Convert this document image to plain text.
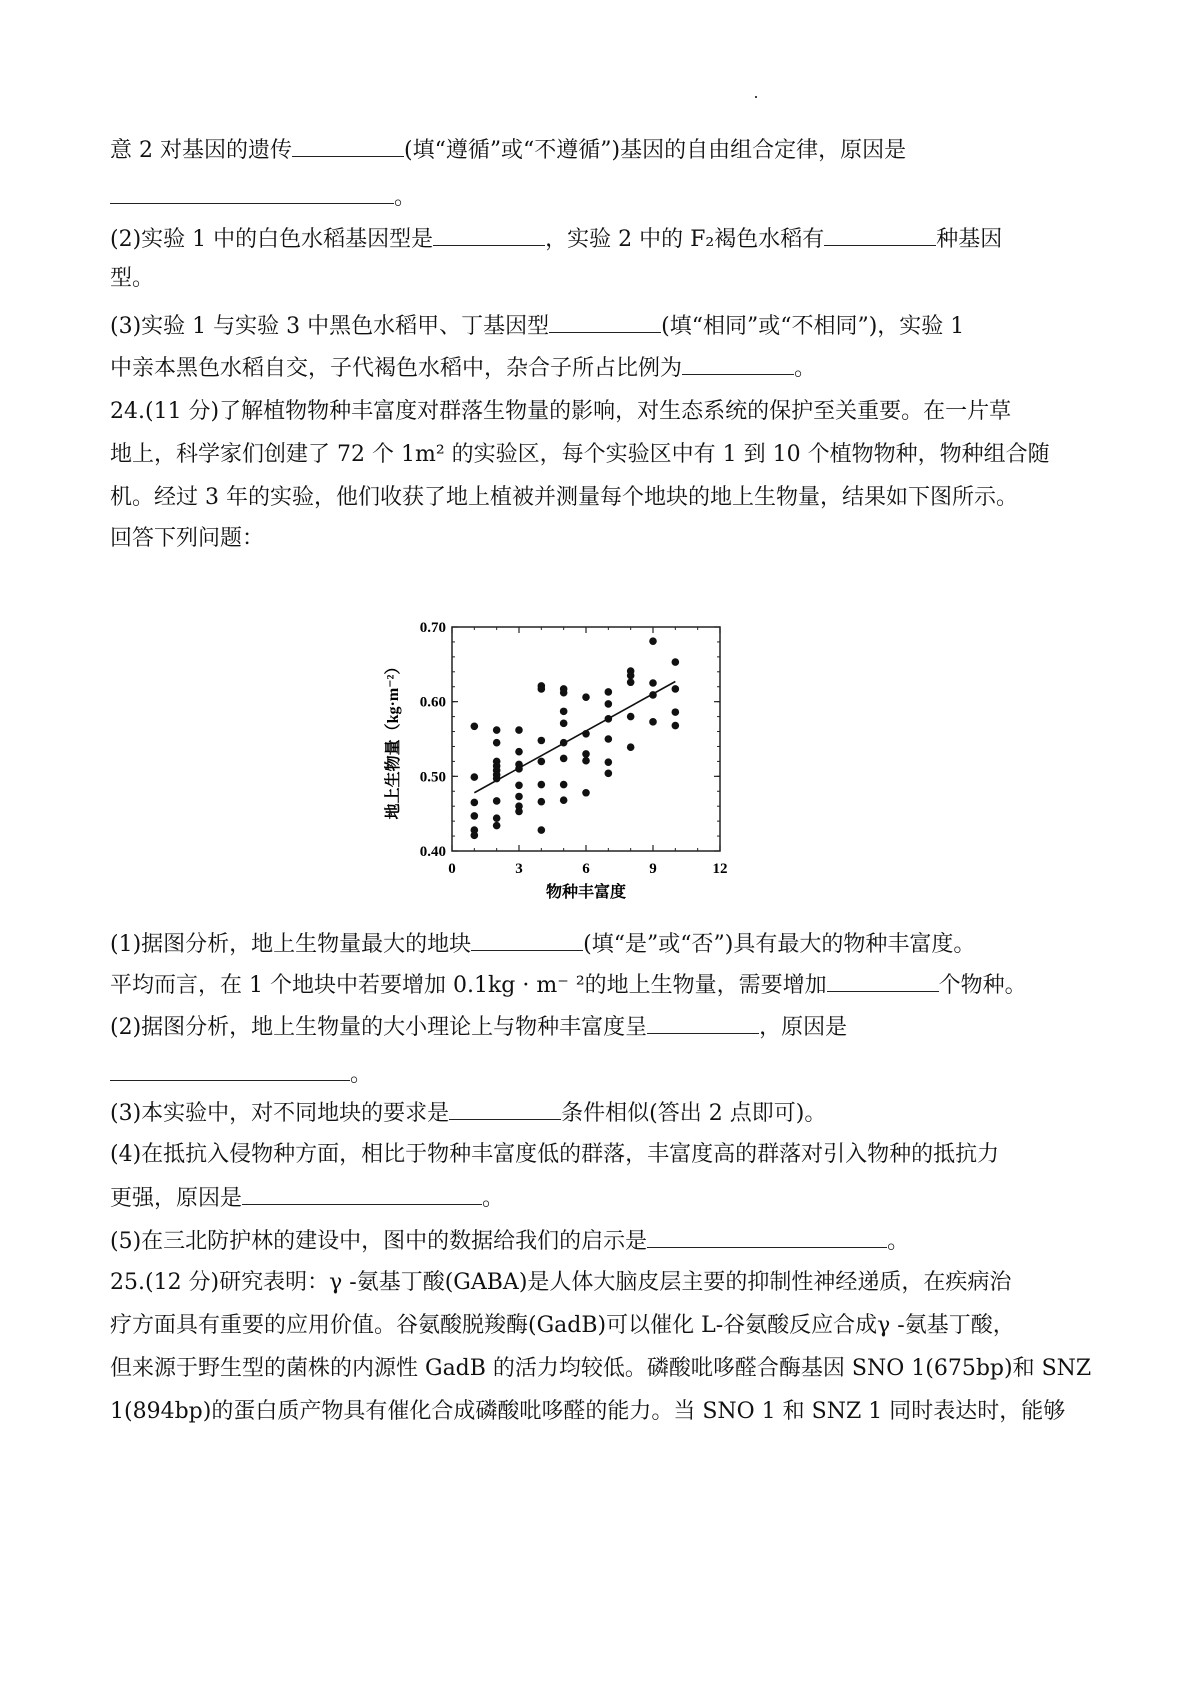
意 2 对基因的遗传	(填“遵循”或“不遵循”)基因的自由组合定律，原因是
。
(2)实验 1 中的白色水稻基因型是	，实验 2 中的 F₂褐色水稻有	种基因
型。
(3)实验 1 与实验 3 中黑色水稻甲、丁基因型	(填“相同”或“不相同”)，实验 1
中亲本黑色水稻自交，子代褐色水稻中，杂合子所占比例为	。
24.(11 分)了解植物物种丰富度对群落生物量的影响，对生态系统的保护至关重要。在一片草
地上，科学家们创建了 72 个 1m² 的实验区，每个实验区中有 1 到 10 个植物物种，物种组合随
机。经过 3 年的实验，他们收获了地上植被并测量每个地块的地上生物量，结果如下图所示。
回答下列问题：
0.40
0.50
0.60
0.70
0	3	6	9	12
地上生物量（kg·m⁻²）
物种丰富度
(1)据图分析，地上生物量最大的地块	(填“是”或“否”)具有最大的物种丰富度。
平均而言，在 1 个地块中若要增加 0.1kg · m⁻ ²的地上生物量，需要增加	个物种。
(2)据图分析，地上生物量的大小理论上与物种丰富度呈	，原因是
。
(3)本实验中，对不同地块的要求是	条件相似(答出 2 点即可)。
(4)在抵抗入侵物种方面，相比于物种丰富度低的群落，丰富度高的群落对引入物种的抵抗力
更强，原因是	。
(5)在三北防护林的建设中，图中的数据给我们的启示是	。
25.(12 分)研究表明：γ -氨基丁酸(GABA)是人体大脑皮层主要的抑制性神经递质，在疾病治
疗方面具有重要的应用价值。谷氨酸脱羧酶(GadB)可以催化 L-谷氨酸反应合成γ -氨基丁酸，
但来源于野生型的菌株的内源性 GadB 的活力均较低。磷酸吡哆醛合酶基因 SNO 1(675bp)和 SNZ
1(894bp)的蛋白质产物具有催化合成磷酸吡哆醛的能力。当 SNO 1 和 SNZ 1 同时表达时，能够
